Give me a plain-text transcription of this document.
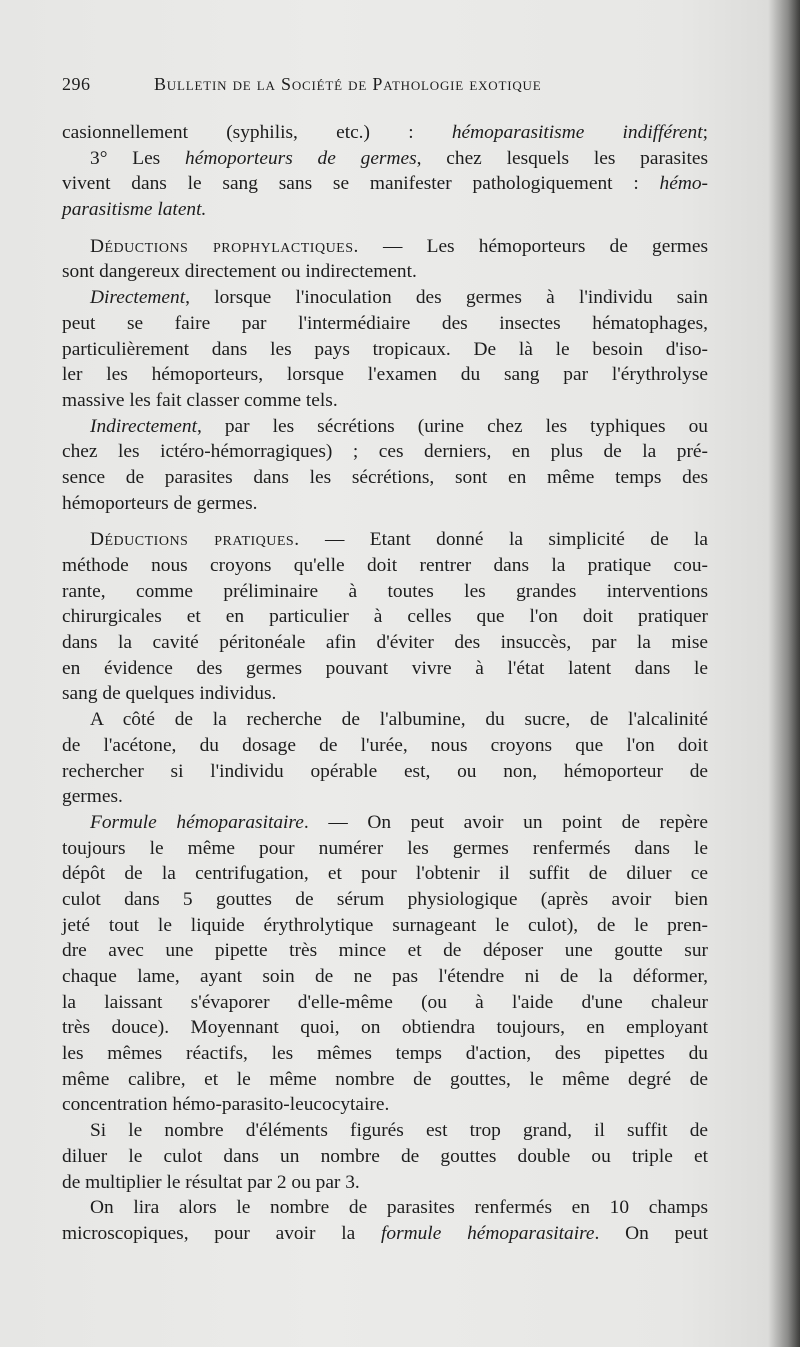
296	Bulletin de la Société de Pathologie exotique

casionnellement (syphilis, etc.) : hémoparasitisme indifférent;
3° Les hémoporteurs de germes, chez lesquels les parasites
vivent dans le sang sans se manifester pathologiquement : hémo-
parasitisme latent.

Déductions prophylactiques. — Les hémoporteurs de germes
sont dangereux directement ou indirectement.
Directement, lorsque l'inoculation des germes à l'individu sain
peut se faire par l'intermédiaire des insectes hématophages,
particulièrement dans les pays tropicaux. De là le besoin d'iso-
ler les hémoporteurs, lorsque l'examen du sang par l'érythrolyse
massive les fait classer comme tels.
Indirectement, par les sécrétions (urine chez les typhiques ou
chez les ictéro-hémorragiques) ; ces derniers, en plus de la pré-
sence de parasites dans les sécrétions, sont en même temps des
hémoporteurs de germes.

Déductions pratiques. — Etant donné la simplicité de la
méthode nous croyons qu'elle doit rentrer dans la pratique cou-
rante, comme préliminaire à toutes les grandes interventions
chirurgicales et en particulier à celles que l'on doit pratiquer
dans la cavité péritonéale afin d'éviter des insuccès, par la mise
en évidence des germes pouvant vivre à l'état latent dans le
sang de quelques individus.
A côté de la recherche de l'albumine, du sucre, de l'alcalinité
de l'acétone, du dosage de l'urée, nous croyons que l'on doit
rechercher si l'individu opérable est, ou non, hémoporteur de
germes.
Formule hémoparasitaire. — On peut avoir un point de repère
toujours le même pour numérer les germes renfermés dans le
dépôt de la centrifugation, et pour l'obtenir il suffit de diluer ce
culot dans 5 gouttes de sérum physiologique (après avoir bien
jeté tout le liquide érythrolytique surnageant le culot), de le pren-
dre avec une pipette très mince et de déposer une goutte sur
chaque lame, ayant soin de ne pas l'étendre ni de la déformer,
la laissant s'évaporer d'elle-même (ou à l'aide d'une chaleur
très douce). Moyennant quoi, on obtiendra toujours, en employant
les mêmes réactifs, les mêmes temps d'action, des pipettes du
même calibre, et le même nombre de gouttes, le même degré de
concentration hémo-parasito-leucocytaire.
Si le nombre d'éléments figurés est trop grand, il suffit de
diluer le culot dans un nombre de gouttes double ou triple et
de multiplier le résultat par 2 ou par 3.
On lira alors le nombre de parasites renfermés en 10 champs
microscopiques, pour avoir la formule hémoparasitaire. On peut
